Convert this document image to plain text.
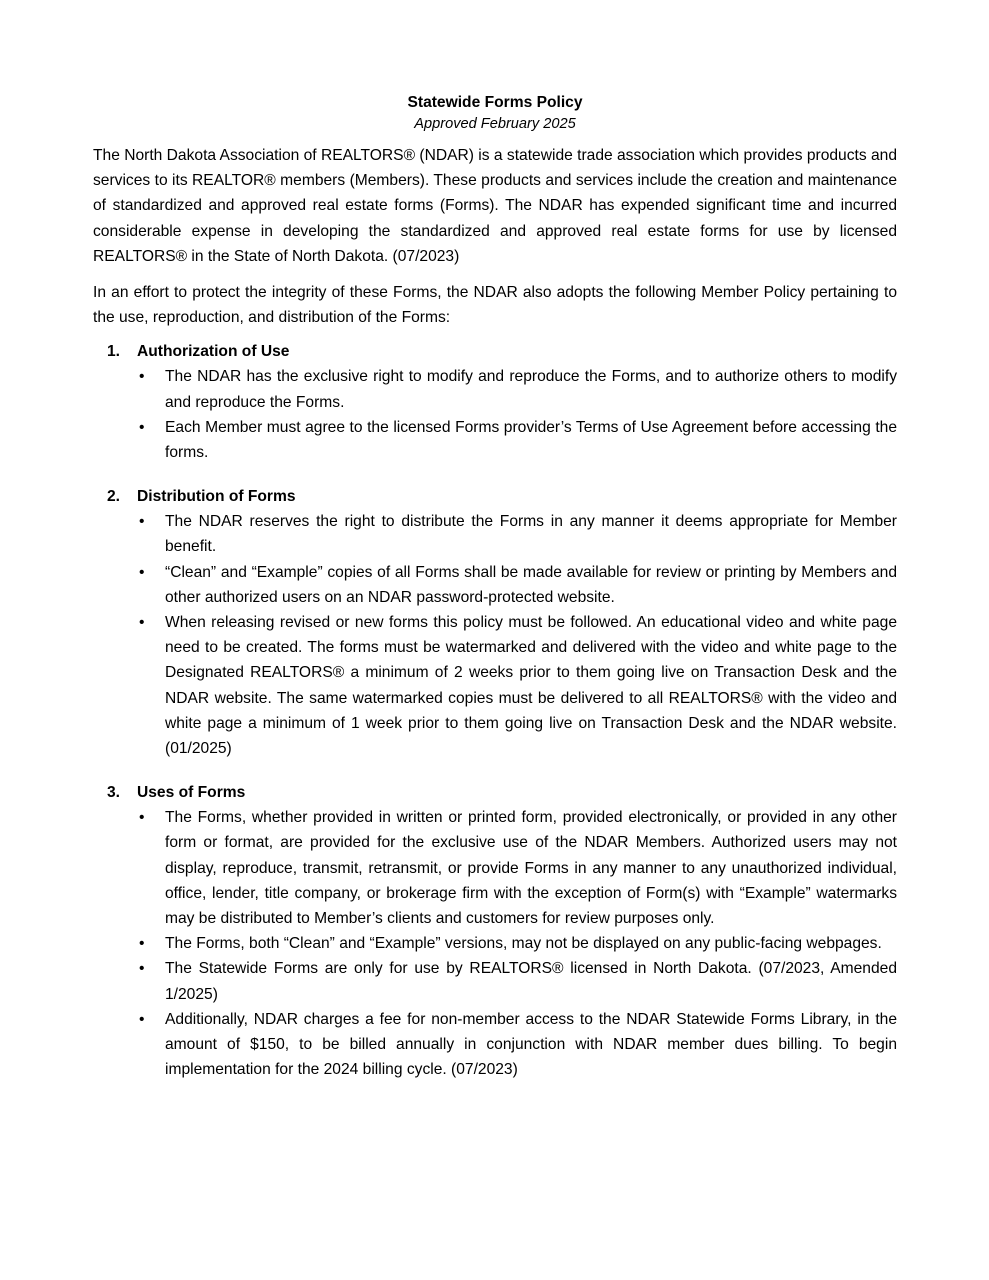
Statewide Forms Policy
Approved February 2025

The North Dakota Association of REALTORS® (NDAR) is a statewide trade association which provides products and services to its REALTOR® members (Members). These products and services include the creation and maintenance of standardized and approved real estate forms (Forms). The NDAR has expended significant time and incurred considerable expense in developing the standardized and approved real estate forms for use by licensed REALTORS® in the State of North Dakota. (07/2023)

In an effort to protect the integrity of these Forms, the NDAR also adopts the following Member Policy pertaining to the use, reproduction, and distribution of the Forms:

1. Authorization of Use
• The NDAR has the exclusive right to modify and reproduce the Forms, and to authorize others to modify and reproduce the Forms.
• Each Member must agree to the licensed Forms provider’s Terms of Use Agreement before accessing the forms.
2. Distribution of Forms
• The NDAR reserves the right to distribute the Forms in any manner it deems appropriate for Member benefit.
• “Clean” and “Example” copies of all Forms shall be made available for review or printing by Members and other authorized users on an NDAR password-protected website.
• When releasing revised or new forms this policy must be followed. An educational video and white page need to be created. The forms must be watermarked and delivered with the video and white page to the Designated REALTORS® a minimum of 2 weeks prior to them going live on Transaction Desk and the NDAR website. The same watermarked copies must be delivered to all REALTORS® with the video and white page a minimum of 1 week prior to them going live on Transaction Desk and the NDAR website. (01/2025)
3. Uses of Forms
• The Forms, whether provided in written or printed form, provided electronically, or provided in any other form or format, are provided for the exclusive use of the NDAR Members. Authorized users may not display, reproduce, transmit, retransmit, or provide Forms in any manner to any unauthorized individual, office, lender, title company, or brokerage firm with the exception of Form(s) with “Example” watermarks may be distributed to Member’s clients and customers for review purposes only.
• The Forms, both “Clean” and “Example” versions, may not be displayed on any public-facing webpages.
• The Statewide Forms are only for use by REALTORS® licensed in North Dakota. (07/2023, Amended 1/2025)
• Additionally, NDAR charges a fee for non-member access to the NDAR Statewide Forms Library, in the amount of $150, to be billed annually in conjunction with NDAR member dues billing. To begin implementation for the 2024 billing cycle. (07/2023)
